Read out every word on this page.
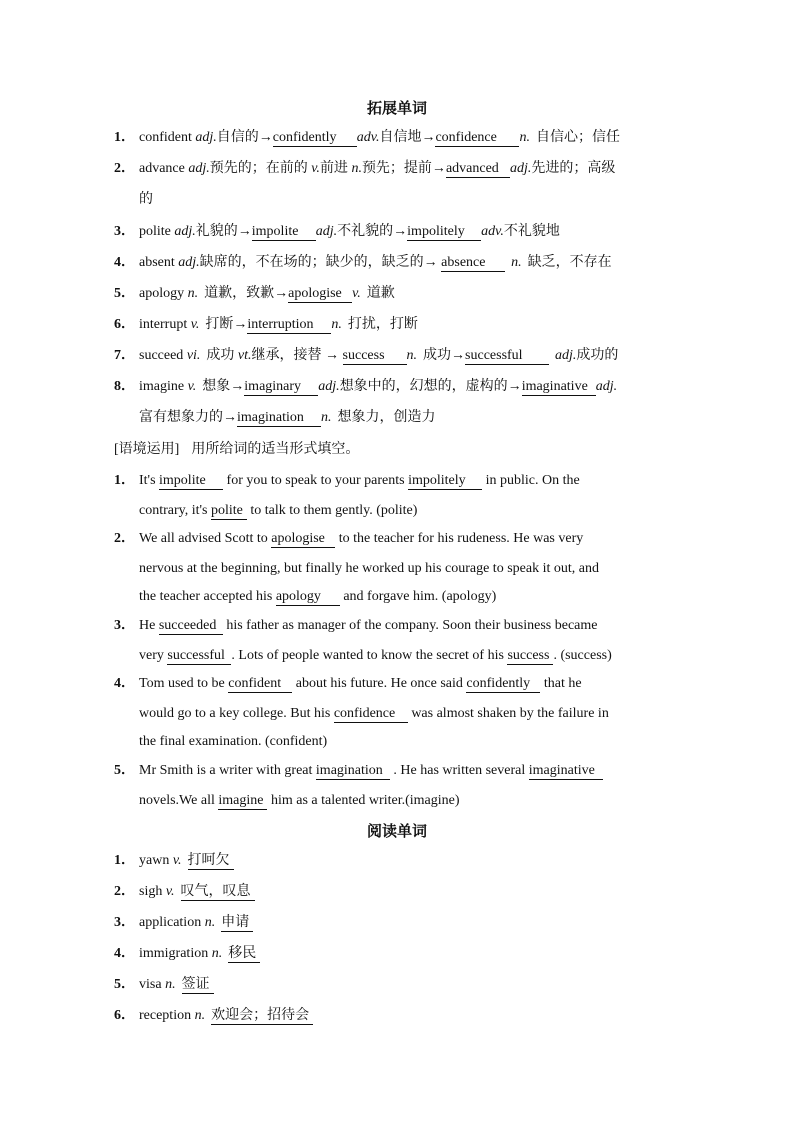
拓展单词
1． confident adj.自信的→confidently adv.自信地→confidence n. 自信心；信任
2． advance adj.预先的；在前的 v.前进 n.预先；提前→advanced adj.先进的；高级
的
3． polite adj.礼貌的→impolite adj.不礼貌的→impolitely adv.不礼貌地
4． absent adj.缺席的，不在场的；缺少的，缺乏的→ absence n. 缺乏，不存在
5． apology n. 道歉，致歉→apologise v. 道歉
6． interrupt v. 打断→interruption n. 打扰，打断
7． succeed vi. 成功 vt.继承，接替 → success n. 成功→successful adj.成功的
8． imagine v. 想象→imaginary adj.想象中的，幻想的，虚构的→imaginative adj.
富有想象力的→imagination n. 想象力，创造力
[语境运用] 用所给词的适当形式填空。
1． It's impolite for you to speak to your parents impolitely in public. On the
contrary, it's polite to talk to them gently. (polite)
2． We all advised Scott to apologise to the teacher for his rudeness. He was very
nervous at the beginning, but finally he worked up his courage to speak it out, and
the teacher accepted his apology and forgave him. (apology)
3． He succeeded his father as manager of the company. Soon their business became
very successful . Lots of people wanted to know the secret of his success . (success)
4． Tom used to be confident about his future. He once said confidently that he
would go to a key college. But his confidence was almost shaken by the failure in
the final examination. (confident)
5． Mr Smith is a writer with great imagination . He has written several imaginative
novels.We all imagine him as a talented writer.(imagine)
阅读单词
1． yawn v. 打呵欠
2． sigh v. 叹气，叹息
3． application n. 申请
4． immigration n. 移民
5． visa n. 签证
6． reception n. 欢迎会；招待会
